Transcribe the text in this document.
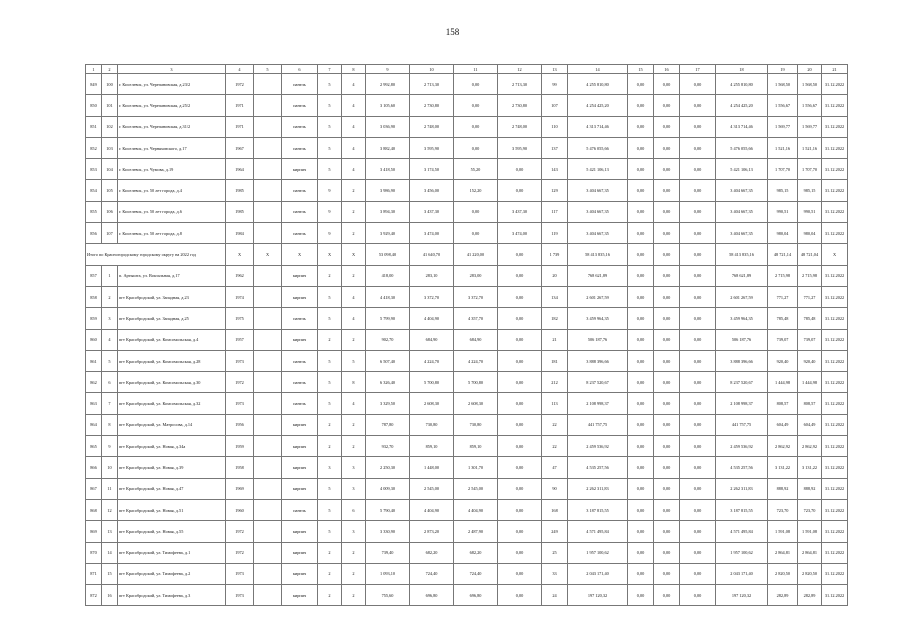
158
1	2	3	4	5	6	7	8	9	10	11	12	13	14	15	16	17	18	19	20	21
849	100	г. Киселевск, ул. Черепановская, д.23/2	1972		панель	5	4	2 992,80	2 713,30	0,00	2 713,30	99	4 255 810,80	0,00	0,00	0,00	4 255 810,80	1 568,50	1 568,50	31.12.2022
850	101	г. Киселевск, ул. Черепановская, д.25/2	1971		панель	5	4	3 105,60	2 730,80	0,00	2 730,80	107	4 254 425,20	0,00	0,00	0,00	4 254 425,20	1 556,67	1 556,67	31.12.2022
851	102	г. Киселевск, ул. Черепановская, д.31/2	1971		панель	5	4	3 036,90	2 748,00	0,00	2 748,00	110	4 313 714,46	0,00	0,00	0,00	4 313 714,46	1 569,77	1 569,77	31.12.2022
852	103	г. Киселевск, ул. Черняховского, д.17	1967		панель	5	4	3 882,40	3 595,90	0,00	3 595,90	137	5 476 055,66	0,00	0,00	0,00	5 476 055,66	1 521,16	1 521,16	31.12.2022
853	104	г. Киселевск, ул. Чумова, д.19	1964		кирпич	5	4	3 418,50	3 174,50	55,20	0,00	143	5 421 106,13	0,00	0,00	0,00	5 421 106,13	1 707,70	1 707,70	31.12.2022
854	105	г. Киселевск, ул. 50 лет города, д.4	1985		панель	9	2	3 986,90	3 456,00	152,20	0,00	129	3 404 667,35	0,00	0,00	0,00	3 404 667,35	985,15	985,15	31.12.2022
855	106	г. Киселевск, ул. 50 лет города, д.6	1985		панель	9	2	3 894,30	3 437,30	0,00	3 437,30	117	3 404 667,35	0,00	0,00	0,00	3 404 667,35	990,51	990,51	31.12.2022
856	107	г. Киселевск, ул. 50 лет города, д.8	1984		панель	9	2	3 929,40	3 474,00	0,00	3 474,00	119	3 404 667,35	0,00	0,00	0,00	3 404 667,35	980,04	980,04	31.12.2022
Итого по Красногородскому городскому округу на 2022 год			X	X	X	X	X	53 098,40	41 640,70	41 220,00	0,00	1 739	58 413 835,16	0,00	0,00	0,00	58 413 835,16	48 721,14	48 721,04	X
857	1	п. Артышта, ул. Вокзальная, д.17	1962		кирпич	2	2	418,00	283,10	283,00	0,00	20	768 621,89	0,00	0,00	0,00	768 621,89	2 715,98	2 715,98	31.12.2022
858	2	пгт Красобродский, ул. Западная, д.23	1974		кирпич	5	4	4 418,30	3 372,70	3 372,70	0,00	134	2 601 267,59	0,00	0,00	0,00	2 601 267,59	771,27	771,27	31.12.2022
859	3	пгт Красобродский, ул. Западная, д.25	1975		панель	5	4	5 799,90	4 404,90	4 357,70	0,00	182	3 459 964,35	0,00	0,00	0,00	3 459 964,35	785,48	785,48	31.12.2022
860	4	пгт Красобродский, ул. Комсомольская, д.4	1957		кирпич	2	2	902,70	684,90	684,90	0,00	21	506 187,76	0,00	0,00	0,00	506 187,76	739,07	739,07	31.12.2022
861	5	пгт Красобродский, ул. Комсомольская, д.28	1973		панель	5	5	6 507,40	4 224,70	4 224,70	0,00	181	3 888 396,66	0,00	0,00	0,00	3 888 396,66	920,40	920,40	31.12.2022
862	6	пгт Красобродский, ул. Комсомольская, д.30	1972		панель	5	8	6 326,40	5 700,80	5 700,80	0,00	212	8 237 520,67	0,00	0,00	0,00	8 237 520,67	1 444,98	1 444,98	31.12.2022
863	7	пгт Красобродский, ул. Комсомольская, д.32	1973		панель	5	4	3 329,50	2 608,30	2 608,30	0,00	113	2 108 998,37	0,00	0,00	0,00	2 108 998,37	808,57	808,57	31.12.2022
864	8	пгт Красобродский, ул. Матросова, д.14	1956		кирпич	2	2	787,80	730,80	730,80	0,00	22	441 757,75	0,00	0,00	0,00	441 757,75	604,49	604,49	31.12.2022
865	9	пгт Красобродский, ул. Новая, д.34а	1959		кирпич	2	2	932,70	859,10	859,10	0,00	22	2 459 536,92	0,00	0,00	0,00	2 459 536,92	2 862,92	2 862,92	31.12.2022
866	10	пгт Красобродский, ул. Новая, д.39	1958		кирпич	3	3	2 250,30	1 448,00	1 301,70	0,00	47	4 535 257,56	0,00	0,00	0,00	4 535 257,56	3 131,22	3 131,22	31.12.2022
867	11	пгт Красобродский, ул. Новая, д.47	1969		кирпич	5	3	4 009,30	2 545,00	2 545,00	0,00	90	2 262 311,83	0,00	0,00	0,00	2 262 311,83	888,92	888,92	31.12.2022
868	12	пгт Красобродский, ул. Новая, д.51	1960		панель	5	6	5 790,40	4 404,90	4 404,90	0,00	168	3 187 815,55	0,00	0,00	0,00	3 187 815,55	723,70	723,70	31.12.2022
869	13	пгт Красобродский, ул. Новая, д.55	1972		кирпич	5	3	3 330,90	2 873,20	2 487,90	0,00	249	4 571 495,84	0,00	0,00	0,00	4 571 495,84	1 591,08	1 591,08	31.12.2022
870	14	пгт Красобродский, ул. Тимофеева, д.1	1972		кирпич	2	2	739,40	682,20	682,20	0,00	25	1 957 100,62	0,00	0,00	0,00	1 957 100,62	2 864,81	2 864,81	31.12.2022
871	15	пгт Красобродский, ул. Тимофеева, д.2	1973		кирпич	2	2	1 093,10	724,40	724,40	0,00	33	2 043 171,40	0,00	0,00	0,00	2 043 171,40	2 820,50	2 820,50	31.12.2022
872	16	пгт Красобродский, ул. Тимофеева, д.3	1973		кирпич	2	2	755,60	696,80	696,80	0,00	24	197 120,32	0,00	0,00	0,00	197 120,32	282,89	282,89	31.12.2022
